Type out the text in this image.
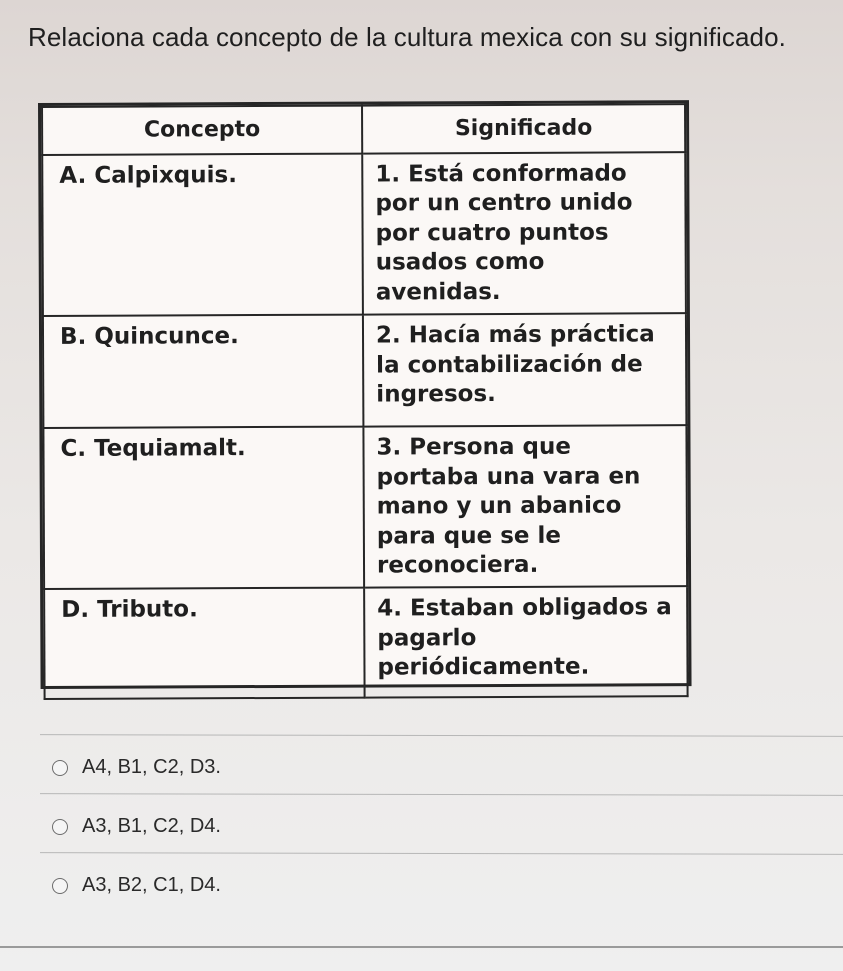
Relaciona cada concepto de la cultura mexica con su significado.
Concepto	Significado
A. Calpixquis.	1. Está conformado por un centro unido por cuatro puntos usados como avenidas.
B. Quincunce.	2. Hacía más práctica la contabilización de ingresos.
C. Tequiamalt.	3. Persona que portaba una vara en mano y un abanico para que se le reconociera.
D. Tributo.	4. Estaban obligados a pagarlo periódicamente.
A4, B1, C2, D3.
A3, B1, C2, D4.
A3, B2, C1, D4.
